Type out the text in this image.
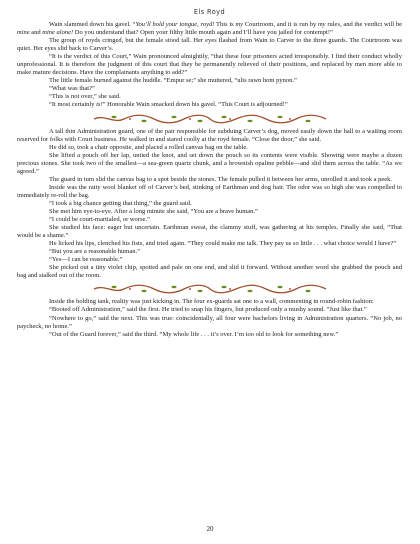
Els Royd

Wain slammed down his gavel. “You’ll hold your tongue, royd! This is my Courtroom, and it is run by my rules, and the verdict will be mine and mine alone! Do you understand that? Open your filthy little mouth again and I’ll have you jailed for contempt!”

The group of royds cringed, but the female stood tall. Her eyes flashed from Wain to Carver to the three guards. The Courtroom was quiet. Her eyes slid back to Carver’s.

“It is the verdict of this Court,” Wain pronounced almightily, “that these four prisoners acted irresponsibly. I find their conduct wholly unprofessional. It is therefore the judgment of this court that they be permanently relieved of their positions, and replaced by men more able to make mature decisions. Have the complainants anything to add?”

The little female burned against the huddle. “Empur se;” she muttered, “ulis rawn hom pynon.”

“What was that?”

“This is not over,” she said.

“It most certainly is!” Honorable Wain smacked down his gavel. “This Court is adjourned!”

A tall thin Administration guard, one of the pair responsible for subduing Carver’s dog, moved easily down the hall to a waiting room reserved for folks with Court business. He walked in and stared coolly at the royd female. “Close the door,” she said.

He did so, took a chair opposite, and placed a rolled canvas bag on the table.

She lifted a pouch off her lap, untied the knot, and set down the pouch so its contents were visible. Showing were maybe a dozen precious stones. She took two of the smallest—a sea-green quartz chunk, and a brownish opaline pebble—and slid them across the table. “As we agreed.”

The guard in turn slid the canvas bag to a spot beside the stones. The female pulled it between her arms, unrolled it and took a peek.

Inside was the ratty wool blanket off of Carver’s bed, stinking of Earthman and dog hair. The odor was so high she was compelled to immediately re-roll the bag.

“I took a big chance getting that thing,” the guard said.

She met him eye-to-eye. After a long minute she said, “You are a brave human.”

“I could be court-martialed, or worse.”

She studied his face: eager but uncertain. Earthman sweat, the clammy stuff, was gathering at his temples. Finally she said, “That would be a shame.”

He licked his lips, clenched his fists, and tried again. “They could make me talk. They pay us so little . . . what choice would I have?”

“But you are a reasonable human.”

“Yes—I can be reasonable.”

She picked out a tiny violet chip, spotted and pale on one end, and slid it forward. Without another word she grabbed the pouch and bag and stalked out of the room.

Inside the holding tank, reality was just kicking in. The four ex-guards sat one to a wall, commenting in round-robin fashion:

“Booted off Administration,” said the first. He tried to snap his fingers, but produced only a mushy sound. “Just like that.”

“Nowhere to go,” said the next. This was true: coincidentally, all four were bachelors living in Administration quarters. “No job, no paycheck, no home.”

“Out of the Guard forever,” said the third. “My whole life . . . it’s over. I’m too old to look for something new.”

20
